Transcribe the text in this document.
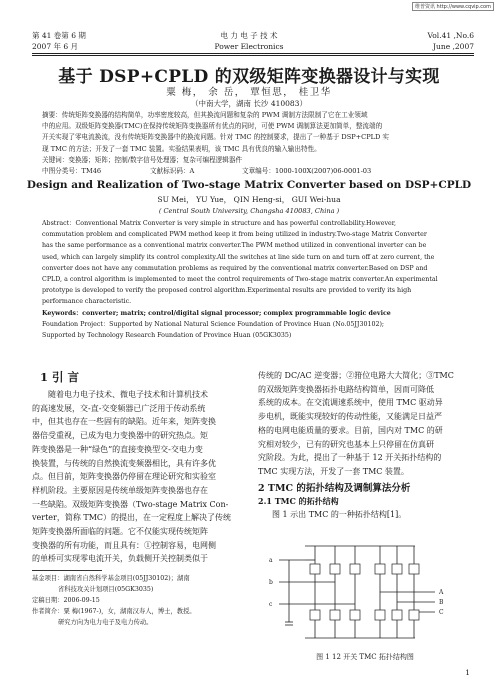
维普资讯 http://www.cqvip.com
第 41 卷第 6 期	电 力 电 子 技 术	Vol.41 ,No.6
2007 年 6 月	Power Electronics	June ,2007
基于 DSP+CPLD 的双级矩阵变换器设计与实现
粟 梅， 余 岳， 覃恒思， 桂卫华
（中南大学，湖南 长沙 410083）
摘要：传统矩阵变换器的结构简单，功率密度较高，但其换流问题和复杂的 PWM 调制方法限制了它在工业领域
中的应用。双级矩阵变换器(TMC)在保持传统矩阵变换器所有优点的同时，可使 PWM 调制算法更加简单，整流端的
开关实现了零电流换流，没有传统矩阵变换器中的换流问题。针对 TMC 的控制要求，提出了一种基于 DSP+CPLD 实
现 TMC 的方法；开发了一套 TMC 装置。实验结果表明，该 TMC 具有优良的输入输出特性。
关键词：变换器；矩阵；控制/数字信号处理器；复杂可编程逻辑器件
中图分类号：TM46	文献标识码：A	文章编号：1000-100X(2007)06-0001-03
Design and Realization of Two-stage Matrix Converter based on DSP+CPLD
SU Mei， YU Yue， QIN Heng-si， GUI Wei-hua
( Central South University, Changsha 410083, China )
Abstract：Conventional Matrix Converter is very simple in structure and has powerful controllability.However,
commutation problem and complicated PWM method keep it from being utilized in industry.Two-stage Matrix Converter
has the same performance as a conventional matrix converter.The PWM method utilized in conventional inverter can be
used, which can largely simplify its control complexity.All the switches at line side turn on and turn off at zero current, the
converter does not have any commutation problems as required by the conventional matrix converter.Based on DSP and
CPLD, a control algorithm is implemented to meet the control requirements of Two-stage matrix converter.An experimental
prototype is developed to verify the proposed control algorithm.Experimental results are provided to verify its high
performance characteristic.
Keywords：converter; matrix; control/digital signal processor; complex programmable logic device
Foundation Project：Supported by National Natural Science Foundation of Province Huan (No.05JJ30102);
Supported by Technology Research Foundation of Province Huan (05GK3035)
1 引 言
随着电力电子技术、微电子技术和计算机技术
的高速发展，交-直-交变频器已广泛用于传动系统
中，但其也存在一些固有的缺陷。近年来，矩阵变换
器倍受重视，已成为电力变换器中的研究热点。矩
阵变换器是一种“绿色”的直接变换型交-交电力变
换装置，与传统的自然换流变频器相比，具有许多优
点。但目前，矩阵变换器仍停留在理论研究和实验室
样机阶段。主要原因是传统单级矩阵变换器也存在
一些缺陷。双级矩阵变换器（Two-stage Matrix Con-
verter，简称 TMC）的提出，在一定程度上解决了传统
矩阵变换器所面临的问题。它不仅能实现传统矩阵
变换器的所有功能，而且具有：①控制容易，电网侧
的单桥可实现零电流开关，负载侧开关控制类似于
基金项目：湖南省自然科学基金项目(05JJ30102)；湖南
省科技攻关计划项目(05GK3035)
定稿日期：2006-09-15
作者简介：粟 梅(1967-)，女，湖南汉寿人，博士，教授。
研究方向为电力电子及电力传动。
传统的 DC/AC 逆变器；②箝位电路大大简化；③TMC
的双级矩阵变换器拓扑电路结构简单，因而可降低
系统的成本。在交流调速系统中，使用 TMC 驱动异
步电机，既能实现较好的传动性能，又能满足日益严
格的电网电能质量的要求。目前，国内对 TMC 的研
究相对较少，已有的研究也基本上只停留在仿真研
究阶段。为此，提出了一种基于 12 开关拓扑结构的
TMC 实现方法，开发了一套 TMC 装置。
2 TMC 的拓扑结构及调制算法分析
2.1 TMC 的拓扑结构
图 1 示出 TMC 的一种拓扑结构[1]。
a
b
c
A
B
C
图 1 12 开关 TMC 拓扑结构图
1
